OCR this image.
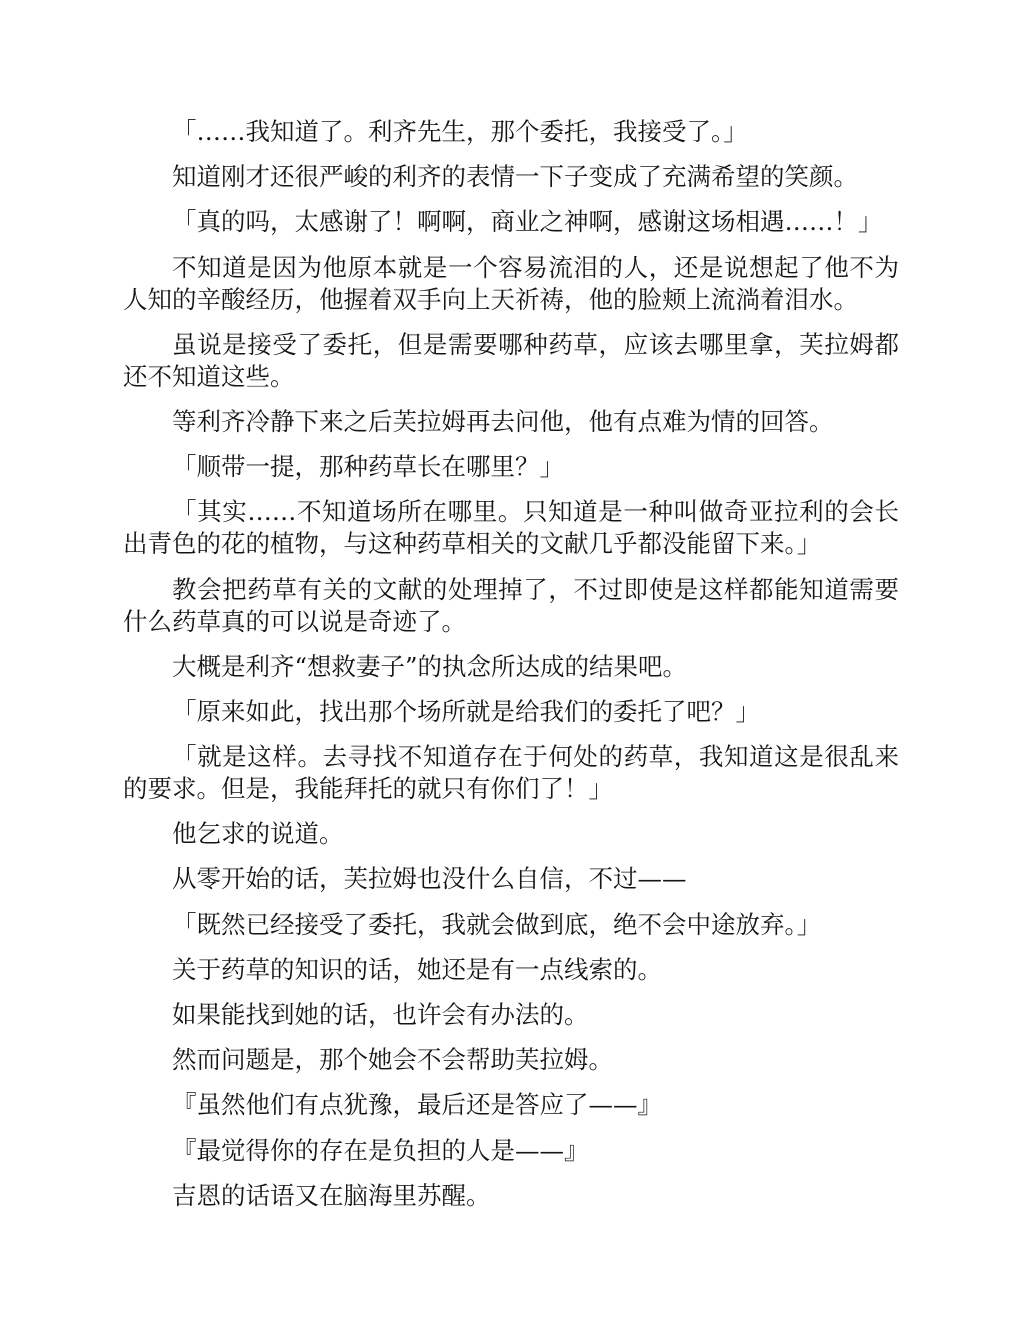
「……我知道了。利齐先生，那个委托，我接受了。」

知道刚才还很严峻的利齐的表情一下子变成了充满希望的笑颜。

「真的吗，太感谢了！啊啊，商业之神啊，感谢这场相遇……！」

不知道是因为他原本就是一个容易流泪的人，还是说想起了他不为人知的辛酸经历，他握着双手向上天祈祷，他的脸颊上流淌着泪水。

虽说是接受了委托，但是需要哪种药草，应该去哪里拿，芙拉姆都还不知道这些。

等利齐冷静下来之后芙拉姆再去问他，他有点难为情的回答。

「顺带一提，那种药草长在哪里？」

「其实……不知道场所在哪里。只知道是一种叫做奇亚拉利的会长出青色的花的植物，与这种药草相关的文献几乎都没能留下来。」

教会把药草有关的文献的处理掉了，不过即使是这样都能知道需要什么药草真的可以说是奇迹了。

大概是利齐“想救妻子”的执念所达成的结果吧。

「原来如此，找出那个场所就是给我们的委托了吧？」

「就是这样。去寻找不知道存在于何处的药草，我知道这是很乱来的要求。但是，我能拜托的就只有你们了！」

他乞求的说道。

从零开始的话，芙拉姆也没什么自信，不过——

「既然已经接受了委托，我就会做到底，绝不会中途放弃。」

关于药草的知识的话，她还是有一点线索的。

如果能找到她的话，也许会有办法的。

然而问题是，那个她会不会帮助芙拉姆。

『虽然他们有点犹豫，最后还是答应了——』

『最觉得你的存在是负担的人是——』

吉恩的话语又在脑海里苏醒。
